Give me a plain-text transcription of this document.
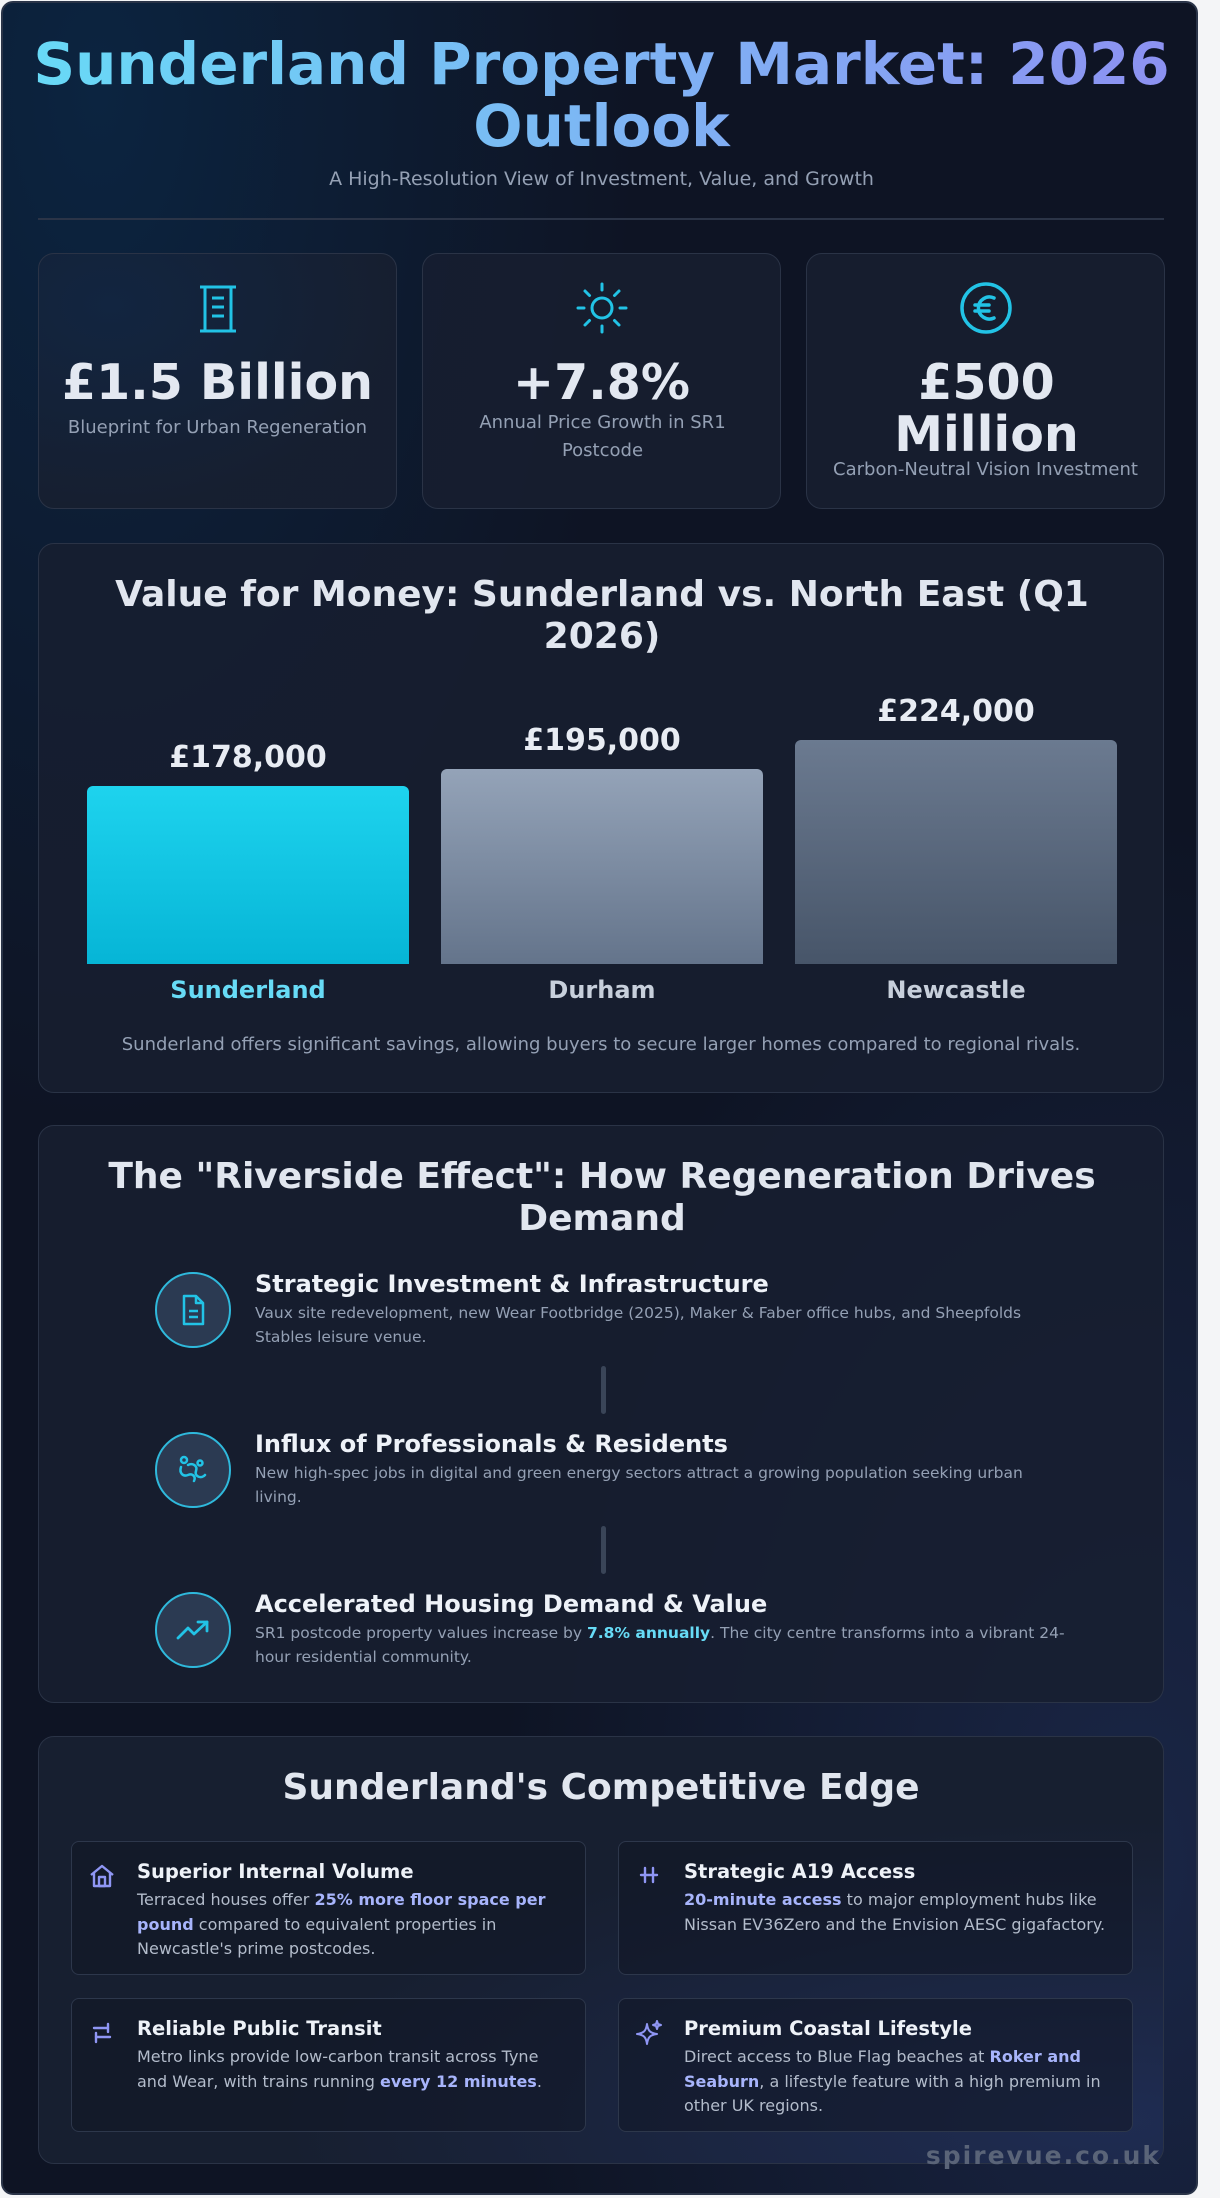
Sunderland Property Market: 2026 Outlook
A High-Resolution View of Investment, Value, and Growth
£1.5 Billion
Blueprint for Urban Regeneration
+7.8%
Annual Price Growth in SR1 Postcode
£500 Million
Carbon-Neutral Vision Investment
Value for Money: Sunderland vs. North East (Q1 2026)
£178,000
Sunderland
£195,000
Durham
£224,000
Newcastle
Sunderland offers significant savings, allowing buyers to secure larger homes compared to regional rivals.
The "Riverside Effect": How Regeneration Drives Demand
Strategic Investment & Infrastructure
Vaux site redevelopment, new Wear Footbridge (2025), Maker & Faber office hubs, and Sheepfolds Stables leisure venue.
Influx of Professionals & Residents
New high-spec jobs in digital and green energy sectors attract a growing population seeking urban living.
Accelerated Housing Demand & Value
SR1 postcode property values increase by 7.8% annually. The city centre transforms into a vibrant 24-hour residential community.
Sunderland's Competitive Edge
Superior Internal Volume
Terraced houses offer 25% more floor space per pound compared to equivalent properties in Newcastle's prime postcodes.
Strategic A19 Access
20-minute access to major employment hubs like Nissan EV36Zero and the Envision AESC gigafactory.
Reliable Public Transit
Metro links provide low-carbon transit across Tyne and Wear, with trains running every 12 minutes.
Premium Coastal Lifestyle
Direct access to Blue Flag beaches at Roker and Seaburn, a lifestyle feature with a high premium in other UK regions.
spirevue.co.uk
